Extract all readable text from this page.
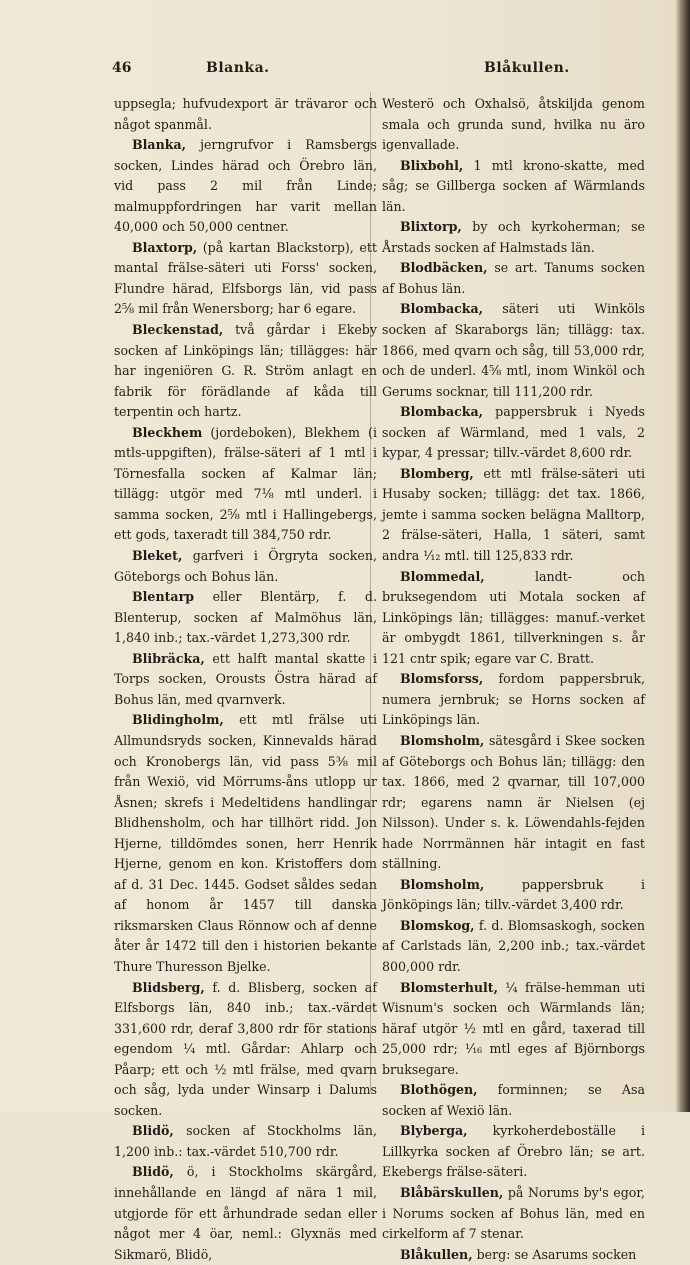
46	Blanka.	Blåkullen.

uppsegla; hufvudexport är trävaror och något spanmål.

Blanka, jerngrufvor i Ramsbergs socken, Lindes härad och Örebro län, vid pass 2 mil från Linde; malmuppfordringen har varit mellan 40,000 och 50,000 centner.

Blaxtorp, (på kartan Blackstorp), ett mantal frälse-säteri uti Forss' socken, Flundre härad, Elfsborgs län, vid pass 2⅝ mil från Wenersborg; har 6 egare.

Bleckenstad, två gårdar i Ekeby socken af Linköpings län; tillägges: här har ingeniören G. R. Ström anlagt en fabrik för förädlande af kåda till terpentin och hartz.

Bleckhem (jordeboken), Blekhem (i mtls-uppgiften), frälse-säteri af 1 mtl i Törnesfalla socken af Kalmar län; tillägg: utgör med 7⅛ mtl underl. i samma socken, 2⅝ mtl i Hallingebergs, ett gods, taxeradt till 384,750 rdr.

Bleket, garfveri i Örgryta socken, Göteborgs och Bohus län.

Blentarp eller Blentärp, f. d. Blenterup, socken af Malmöhus län, 1,840 inb.; tax.-värdet 1,273,300 rdr.

Blibräcka, ett halft mantal skatte i Torps socken, Orousts Östra härad af Bohus län, med qvarnverk.

Blidingholm, ett mtl frälse uti Allmundsryds socken, Kinnevalds härad och Kronobergs län, vid pass 5⅜ mil från Wexiö, vid Mörrums-åns utlopp ur Åsnen; skrefs i Medeltidens handlingar Blidhensholm, och har tillhört ridd. Jon Hjerne, tilldömdes sonen, herr Henrik Hjerne, genom en kon. Kristoffers dom af d. 31 Dec. 1445. Godset såldes sedan af honom år 1457 till danska riksmarsken Claus Rönnow och af denne åter år 1472 till den i historien bekante Thure Thuresson Bjelke.

Blidsberg, f. d. Blisberg, socken af Elfsborgs län, 840 inb.; tax.-värdet 331,600 rdr, deraf 3,800 rdr för stations egendom ¼ mtl. Gårdar: Ahlarp och Påarp; ett och ½ mtl frälse, med qvarn och såg, lyda under Winsarp i Dalums socken.

Blidö, socken af Stockholms län, 1,200 inb.: tax.-värdet 510,700 rdr.

Blidö, ö, i Stockholms skärgård, innehållande en längd af nära 1 mil, utgjorde för ett århundrade sedan eller något mer 4 öar, neml.: Glyxnäs med Sikmarö, Blidö,

Westerö och Oxhalsö, åtskiljda genom smala och grunda sund, hvilka nu äro igenvallade.

Blixbohl, 1 mtl krono-skatte, med såg; se Gillberga socken af Wärmlands län.

Blixtorp, by och kyrkoherman; se Årstads socken af Halmstads län.

Blodbäcken, se art. Tanums socken af Bohus län.

Blombacka, säteri uti Winköls socken af Skaraborgs län; tillägg: tax. 1866, med qvarn och såg, till 53,000 rdr, och de underl. 4⅝ mtl, inom Winköl och Gerums socknar, till 111,200 rdr.

Blombacka, pappersbruk i Nyeds socken af Wärmland, med 1 vals, 2 kypar, 4 pressar; tillv.-värdet 8,600 rdr.

Blomberg, ett mtl frälse-säteri uti Husaby socken; tillägg: det tax. 1866, jemte i samma socken belägna Malltorp, 2 frälse-säteri, Halla, 1 säteri, samt andra ¹⁄₁₂ mtl. till 125,833 rdr.

Blommedal,	landt- och bruksegendom uti Motala socken af Linköpings län; tillägges: manuf.-verket är ombygdt 1861, tillverkningen s. år 121 cntr spik; egare var C. Bratt.

Blomsforss, fordom pappersbruk, numera jernbruk; se Horns socken af Linköpings län.

Blomsholm, sätesgård i Skee socken af Göteborgs och Bohus län; tillägg: den tax. 1866, med 2 qvarnar, till 107,000 rdr; egarens namn är Nielsen (ej Nilsson). Under s. k. Löwendahls-fejden hade Norrmännen här intagit en fast ställning.

Blomsholm,	pappersbruk i Jönköpings län; tillv.-värdet 3,400 rdr.

Blomskog, f. d. Blomsaskogh, socken af Carlstads län, 2,200 inb.; tax.-värdet 800,000 rdr.

Blomsterhult, ¼ frälse-hemman uti Wisnum's socken och Wärmlands län; häraf utgör ½ mtl en gård, taxerad till 25,000 rdr; ¹⁄₁₆ mtl eges af Björnborgs bruksegare.

Blothögen, forminnen; se Asa socken af Wexiö län.

Blyberga, kyrkoherdeboställe i Lillkyrka socken af Örebro län; se art. Ekebergs frälse-säteri.

Blåbärskullen, på Norums by's egor, i Norums socken af Bohus län, med en cirkelform af 7 stenar.

Blåkullen, berg: se Asarums socken
